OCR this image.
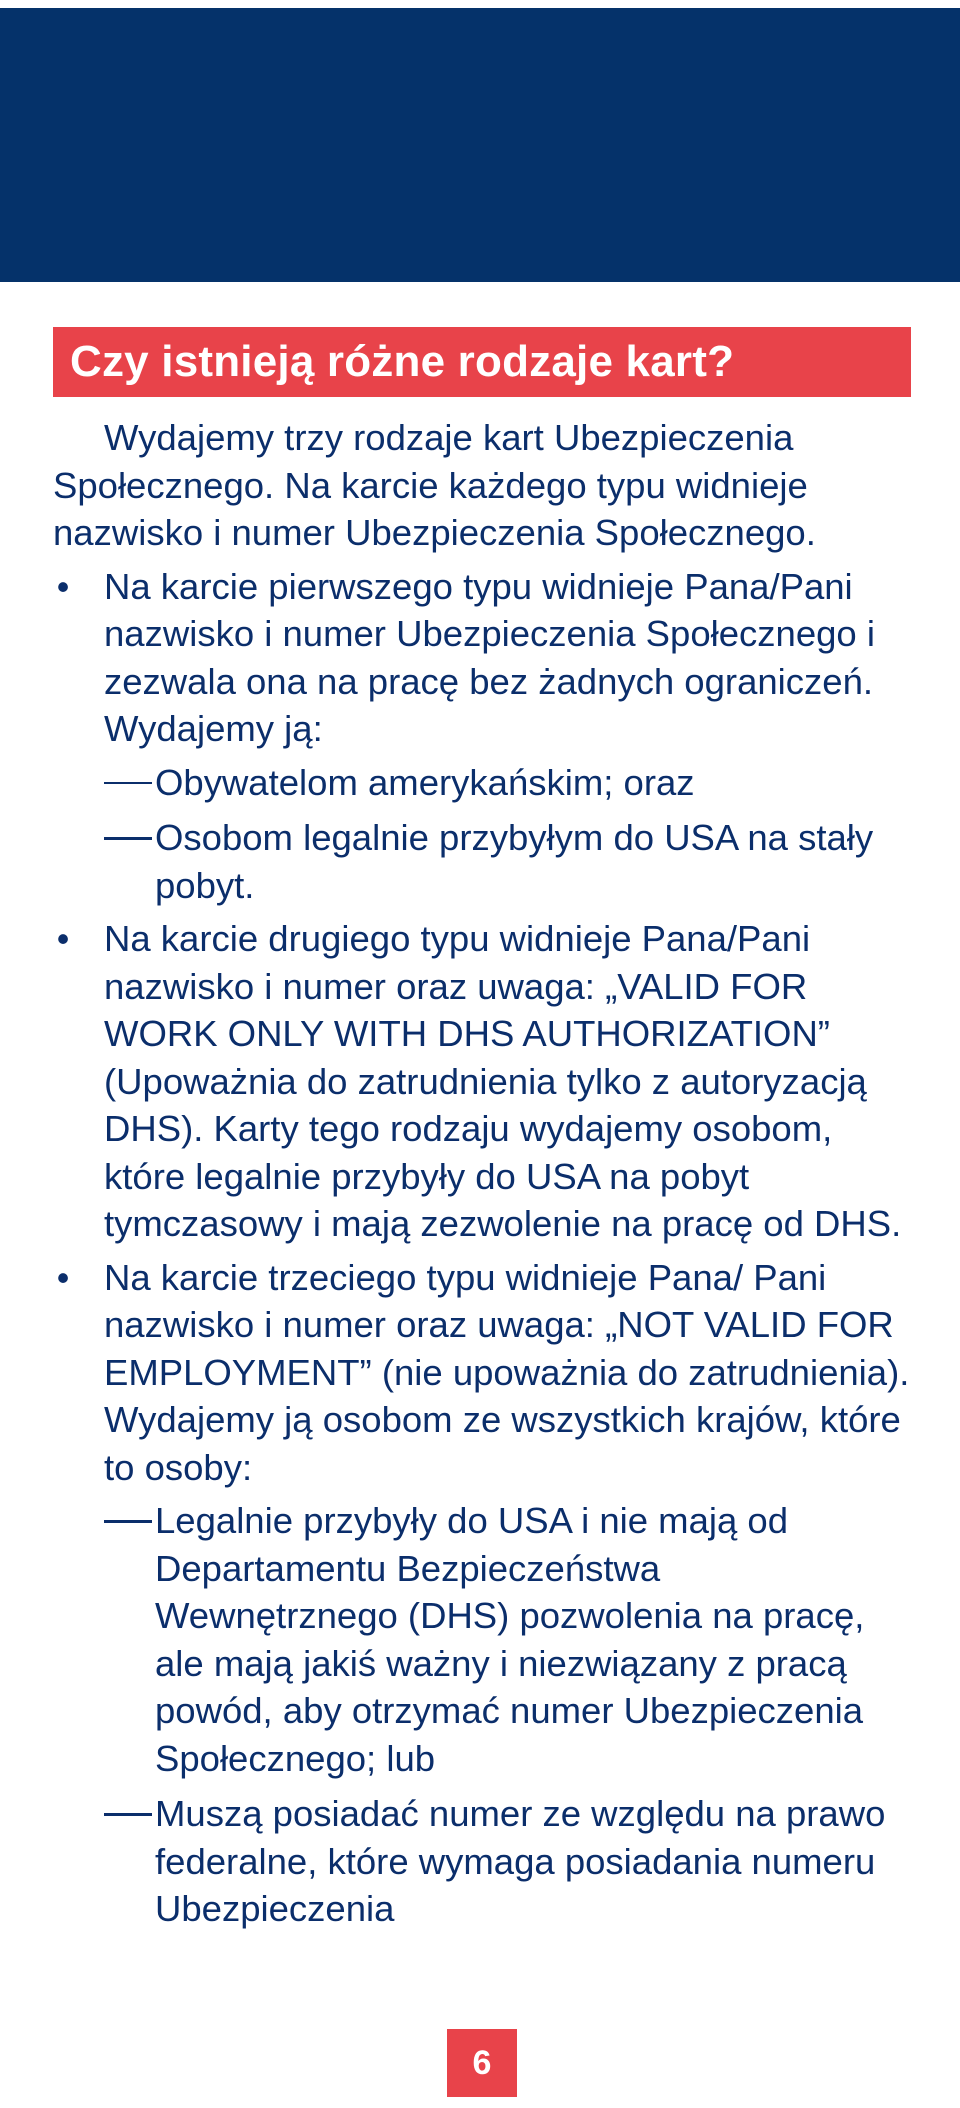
Czy istnieją różne rodzaje kart?

Wydajemy trzy rodzaje kart Ubezpieczenia Społecznego. Na karcie każdego typu widnieje nazwisko i numer Ubezpieczenia Społecznego.

• Na karcie pierwszego typu widnieje Pana/Pani nazwisko i numer Ubezpieczenia Społecznego i zezwala ona na pracę bez żadnych ograniczeń. Wydajemy ją:
Obywatelom amerykańskim; oraz
Osobom legalnie przybyłym do USA na stały pobyt.
• Na karcie drugiego typu widnieje Pana/Pani nazwisko i numer oraz uwaga: „VALID FOR WORK ONLY WITH DHS AUTHORIZATION” (Upoważnia do zatrudnienia tylko z autoryzacją DHS). Karty tego rodzaju wydajemy osobom, które legalnie przybyły do USA na pobyt tymczasowy i mają zezwolenie na pracę od DHS.
• Na karcie trzeciego typu widnieje Pana/ Pani nazwisko i numer oraz uwaga: „NOT VALID FOR EMPLOYMENT” (nie upoważnia do zatrudnienia). Wydajemy ją osobom ze wszystkich krajów, które to osoby:
Legalnie przybyły do USA i nie mają od Departamentu Bezpieczeństwa Wewnętrznego (DHS) pozwolenia na pracę, ale mają jakiś ważny i niezwiązany z pracą powód, aby otrzymać numer Ubezpieczenia Społecznego; lub
Muszą posiadać numer ze względu na prawo federalne, które wymaga posiadania numeru Ubezpieczenia
6
